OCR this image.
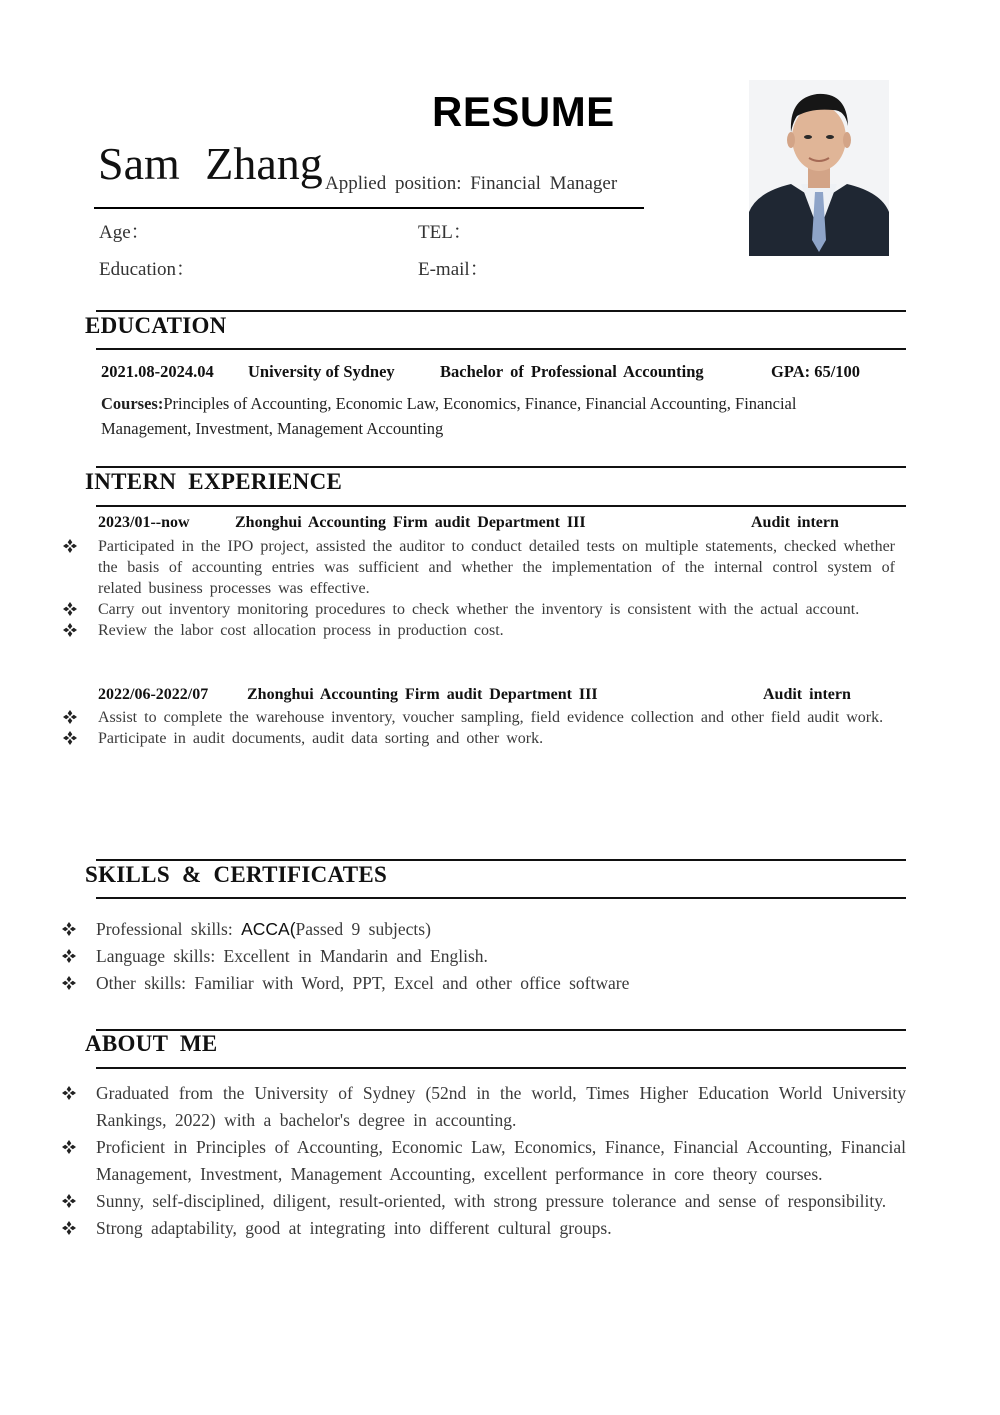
RESUME
Sam Zhang Applied position: Financial Manager
Age：	TEL：
Education：	E-mail：
EDUCATION
2021.08-2024.04 University of Sydney	Bachelor of Professional Accounting	GPA: 65/100
Courses:Principles of Accounting, Economic Law, Economics, Finance, Financial Accounting, Financial Management, Investment, Management Accounting
INTERN EXPERIENCE
2023/01--now	Zhonghui Accounting Firm audit Department III	Audit intern
Participated in the IPO project, assisted the auditor to conduct detailed tests on multiple statements, checked whether the basis of accounting entries was sufficient and whether the implementation of the internal control system of related business processes was effective.
Carry out inventory monitoring procedures to check whether the inventory is consistent with the actual account.
Review the labor cost allocation process in production cost.
2022/06-2022/07 Zhonghui Accounting Firm audit Department III	Audit intern
Assist to complete the warehouse inventory, voucher sampling, field evidence collection and other field audit work.
Participate in audit documents, audit data sorting and other work.
SKILLS & CERTIFICATES
Professional skills: ACCA(Passed 9 subjects)
Language skills: Excellent in Mandarin and English.
Other skills: Familiar with Word, PPT, Excel and other office software
ABOUT ME
Graduated from the University of Sydney (52nd in the world, Times Higher Education World University Rankings, 2022) with a bachelor's degree in accounting.
Proficient in Principles of Accounting, Economic Law, Economics, Finance, Financial Accounting, Financial Management, Investment, Management Accounting, excellent performance in core theory courses.
Sunny, self-disciplined, diligent, result-oriented, with strong pressure tolerance and sense of responsibility.
Strong adaptability, good at integrating into different cultural groups.
